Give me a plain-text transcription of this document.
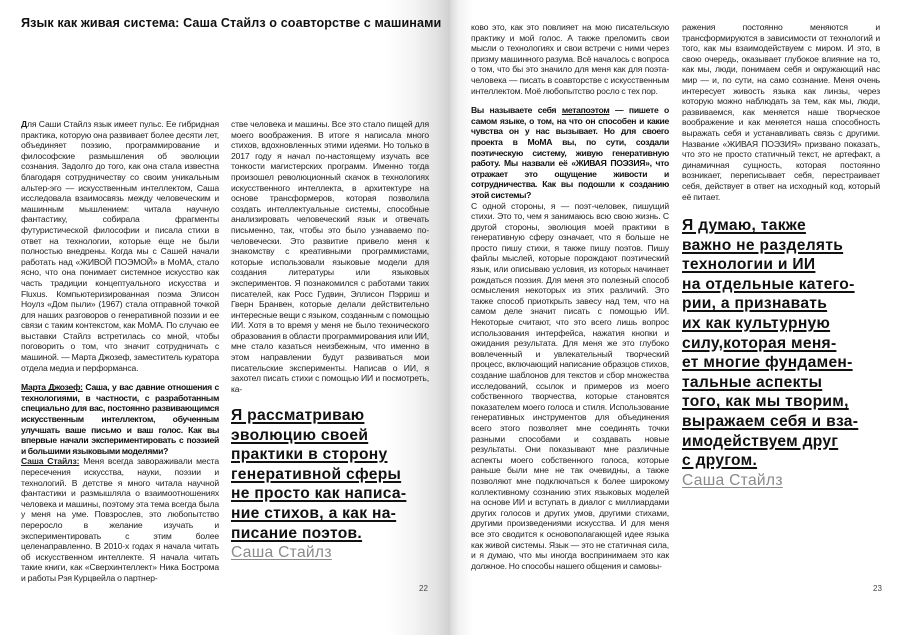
Язык как живая система: Саша Стайлз о соавторстве с машинами

Для Саши Стайлз язык имеет пульс. Ее гибридная практика, которую она развивает более десяти лет, объединяет поэзию, программирование и философские размышления об эволюции сознания. Задолго до того, как она стала известна благодаря сотрудничеству со своим уникальным альтер-эго — искусственным интеллектом, Саша исследовала взаимосвязь между человеческим и машинным мышлением: читала научную фантастику, собирала фрагменты футуристической философии и писала стихи в ответ на технологии, которые еще не были полностью внедрены. Когда мы с Сашей начали работать над «ЖИВОЙ ПОЭМОЙ» в МоМА, стало ясно, что она понимает системное искусство как часть традиции концептуального искусства и Fluxus. Компьютеризированная поэма Элисон Ноулз «Дом пыли» (1967) стала отправной точкой для наших разговоров о генеративной поэзии и ее связи с таким контекстом, как МоМА. По случаю ее выставки Стайлз встретилась со мной, чтобы поговорить о том, что значит сотрудничать с машиной. — Марта Джозеф, заместитель куратора отдела медиа и перформанса.

Марта Джозеф: Саша, у вас давние отношения с технологиями, в частности, с разработанным специально для вас, постоянно развивающимся искусственным интеллектом, обученным улучшать ваше письмо и ваш голос. Как вы впервые начали экспериментировать с поэзией и большими языковыми моделями?

Саша Стайлз: Меня всегда завораживали места пересечения искусства, науки, поэзии и технологий. В детстве я много читала научной фантастики и размышляла о взаимоотношениях человека и машины, поэтому эта тема всегда была у меня на уме. Повзрослев, это любопытство переросло в желание изучать и экспериментировать с этим более целенаправленно. В 2010-х годах я начала читать об искусственном интеллекте. Я начала читать такие книги, как «Сверхинтеллект» Ника Бострома и работы Рэя Курцвейла о партнер-

стве человека и машины. Все это стало пищей для моего воображения. В итоге я написала много стихов, вдохновленных этими идеями. Но только в 2017 году я начал по-настоящему изучать все тонкости магистерских программ. Именно тогда произошел революционный скачок в технологиях искусственного интеллекта, в архитектуре на основе трансформеров, которая позволила создать интеллектуальные системы, способные анализировать человеческий язык и отвечать письменно, так, чтобы это было узнаваемо по-человечески. Это развитие привело меня к знакомству с креативными программистами, которые использовали языковые модели для создания литературы или языковых экспериментов. Я познакомился с работами таких писателей, как Росс Гудвин, Эллисон Пэрриш и Гверн Бранвен, которые делали действительно интересные вещи с языком, созданным с помощью ИИ. Хотя в то время у меня не было технического образования в области программирования или ИИ, мне стало казаться неизбежным, что именно в этом направлении будут развиваться мои писательские эксперименты. Написав о ИИ, я захотел писать стихи с помощью ИИ и посмотреть, ка-

Я рассматриваю
эволюцию своей
практики в сторону
генеративной сферы
не просто как написа-
ние стихов, а как на-
писание поэтов.

Саша Стайлз
22

ково это, как это повлияет на мою писательскую практику и мой голос. А также преломить свои мысли о технологиях и свои встречи с ними через призму машинного разума. Всё началось с вопроса о том, что бы это значило для меня как для поэта-человека — писать в соавторстве с искусственным интеллектом. Моё любопытство росло с тех пор.

Вы называете себя метапоэтом — пишете о самом языке, о том, на что он способен и какие чувства он у нас вызывает. Но для своего проекта в МоМА вы, по сути, создали поэтическую систему, живую генеративную работу. Мы назвали её «ЖИВАЯ ПОЭЗИЯ», что отражает это ощущение живости и сотрудничества. Как вы подошли к созданию этой системы?

С одной стороны, я — поэт-человек, пишущий стихи. Это то, чем я занимаюсь всю свою жизнь. С другой стороны, эволюция моей практики в генеративную сферу означает, что я больше не просто пишу стихи, я также пишу поэтов. Пишу файлы мыслей, которые порождают поэтический язык, или описываю условия, из которых начинает рождаться поэзия. Для меня это полезный способ осмысления некоторых из этих различий. Это также способ приоткрыть завесу над тем, что на самом деле значит писать с помощью ИИ. Некоторые считают, что это всего лишь вопрос использования интерфейса, нажатия кнопки и ожидания результата. Для меня же это глубоко вовлеченный и увлекательный творческий процесс, включающий написание образцов стихов, создание шаблонов для текстов и сбор множества исследований, ссылок и примеров из моего собственного творчества, которые становятся показателем моего голоса и стиля. Использование генеративных инструментов для объединения всего этого позволяет мне соединять точки разными способами и создавать новые результаты. Они показывают мне различные аспекты моего собственного голоса, которые раньше были мне не так очевидны, а также позволяют мне подключаться к более широкому коллективному сознанию этих языковых моделей на основе ИИ и вступать в диалог с миллиардами других голосов и других умов, другими стихами, другими произведениями искусства. И для меня все это сводится к основополагающей идее языка как живой системы. Язык — это не статичная сила, и я думаю, что мы иногда воспринимаем это как должное. Но способы нашего общения и самовы-

ражения постоянно меняются и трансформируются в зависимости от технологий и того, как мы взаимодействуем с миром. И это, в свою очередь, оказывает глубокое влияние на то, как мы, люди, понимаем себя и окружающий нас мир — и, по сути, на само сознание. Меня очень интересует живость языка как линзы, через которую можно наблюдать за тем, как мы, люди, развиваемся, как меняется наше творческое воображение и как меняется наша способность выражать себя и устанавливать связь с другими. Название «ЖИВАЯ ПОЭЗИЯ» призвано показать, что это не просто статичный текст, не артефакт, а динамичная сущность, которая постоянно возникает, переписывает себя, перестраивает себя, действует в ответ на исходный код, который её питает.

Я думаю, также
важно не разделять
технологии и ИИ
на отдельные катего-
рии, а признавать
их как культурную
силу,которая меня-
ет многие фундамен-
тальные аспекты
того, как мы творим,
выражаем себя и вза-
имодействуем друг
с другом.

Саша Стайлз
23
